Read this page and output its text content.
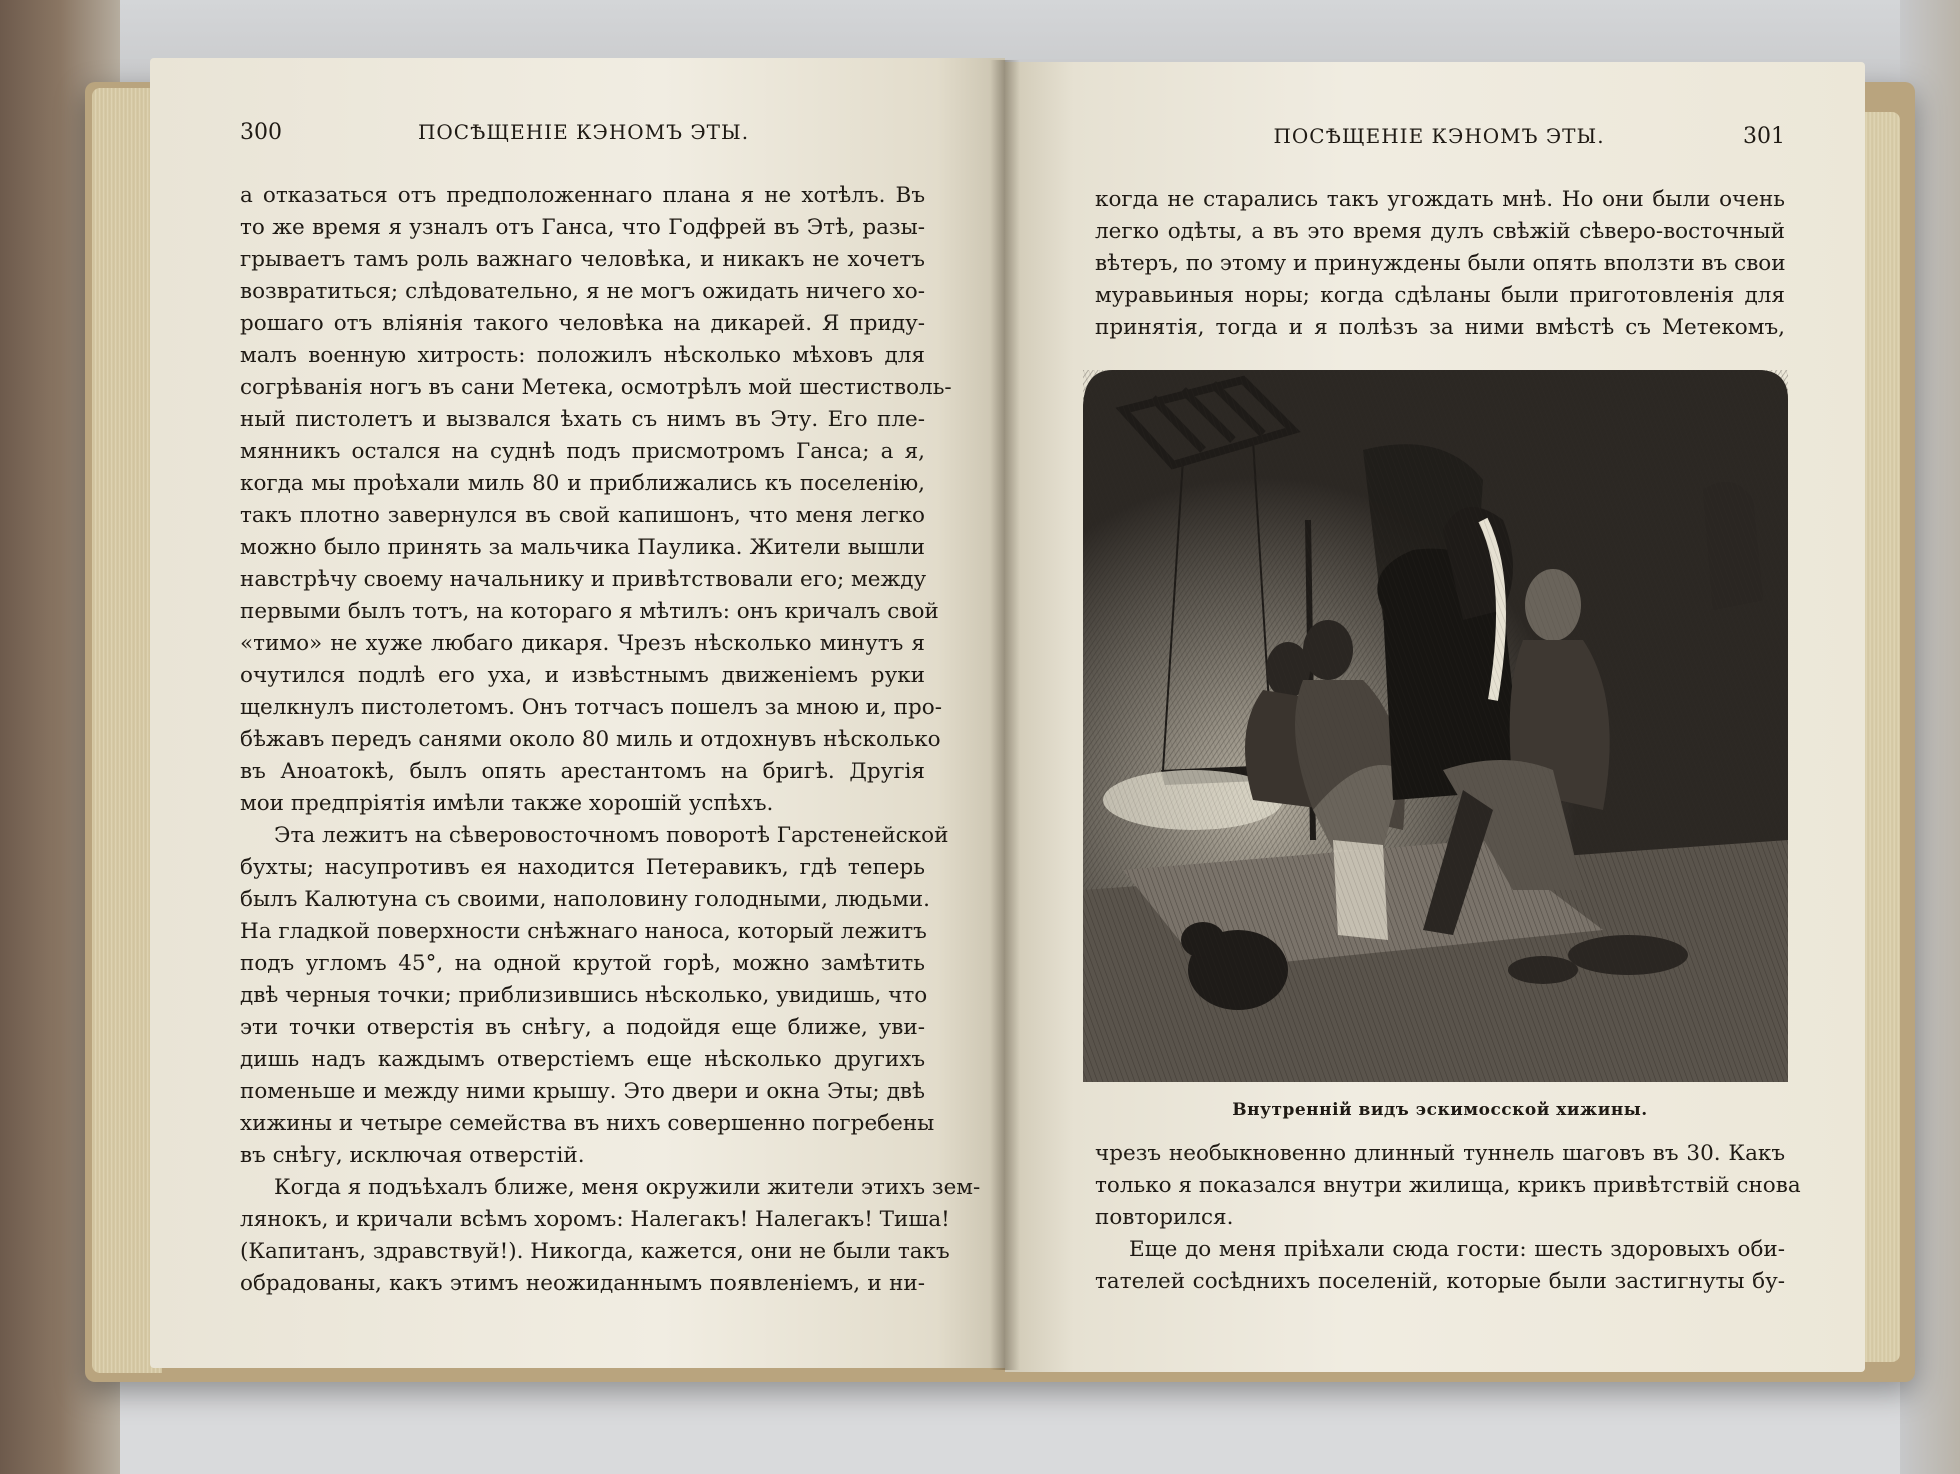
300	ПОСѢЩЕНІЕ КЭНОМЪ ЭТЫ.
а отказаться отъ предположеннаго плана я не хотѣлъ. Въ
то же время я узналъ отъ Ганса, что Годфрей въ Этѣ, разы-
грываетъ тамъ роль важнаго человѣка, и никакъ не хочетъ
возвратиться; слѣдовательно, я не могъ ожидать ничего хо-
рошаго отъ вліянія такого человѣка на дикарей. Я приду-
малъ военную хитрость: положилъ нѣсколько мѣховъ для
согрѣванія ногъ въ сани Метека, осмотрѣлъ мой шестистволь-
ный пистолетъ и вызвался ѣхать съ нимъ въ Эту. Его пле-
мянникъ остался на суднѣ подъ присмотромъ Ганса; а я,
когда мы проѣхали миль 80 и приближались къ поселенію,
такъ плотно завернулся въ свой капишонъ, что меня легко
можно было принять за мальчика Паулика. Жители вышли
навстрѣчу своему начальнику и привѣтствовали его; между
первыми былъ тотъ, на котораго я мѣтилъ: онъ кричалъ свой
«тимо» не хуже любаго дикаря. Чрезъ нѣсколько минутъ я
очутился подлѣ его уха, и извѣстнымъ движеніемъ руки
щелкнулъ пистолетомъ. Онъ тотчасъ пошелъ за мною и, про-
бѣжавъ передъ санями около 80 миль и отдохнувъ нѣсколько
въ Анoатокѣ, былъ опять арестантомъ на бригѣ. Другія
мои предпріятія имѣли также хорошій успѣхъ.
Эта лежитъ на сѣверовосточномъ поворотѣ Гарстенейской
бухты; насупротивъ ея находится Петеравикъ, гдѣ теперь
былъ Калютуна съ своими, наполовину голодными, людьми.
На гладкой поверхности снѣжнаго наноса, который лежитъ
подъ угломъ 45°, на одной крутой горѣ, можно замѣтить
двѣ черныя точки; приблизившись нѣсколько, увидишь, что
эти точки отверстія въ снѣгу, а подойдя еще ближе, уви-
дишь надъ каждымъ отверстіемъ еще нѣсколько другихъ
поменьше и между ними крышу. Это двери и окна Эты; двѣ
хижины и четыре семейства въ нихъ совершенно погребены
въ снѣгу, исключая отверстій.
Когда я подъѣхалъ ближе, меня окружили жители этихъ зем-
лянокъ, и кричали всѣмъ хоромъ: Налегакъ! Налегакъ! Тиша!
(Капитанъ, здравствуй!). Никогда, кажется, они не были такъ
обрадованы, какъ этимъ неожиданнымъ появленіемъ, и ни-
ПОСѢЩЕНІЕ КЭНОМЪ ЭТЫ.	301
когда не старались такъ угождать мнѣ. Но они были очень
легко одѣты, а въ это время дулъ свѣжій сѣверо-восточный
вѣтеръ, по этому и принуждены были опять вползти въ свои
муравьиныя норы; когда сдѣланы были приготовленія для
принятія, тогда и я полѣзъ за ними вмѣстѣ съ Метекомъ,
Внутренній видъ эскимосской хижины.
чрезъ необыкновенно длинный туннель шаговъ въ 30. Какъ
только я показался внутри жилища, крикъ привѣтствій снова
повторился.
Еще до меня пріѣхали сюда гости: шесть здоровыхъ оби-
тателей сосѣднихъ поселеній, которые были застигнуты бу-
